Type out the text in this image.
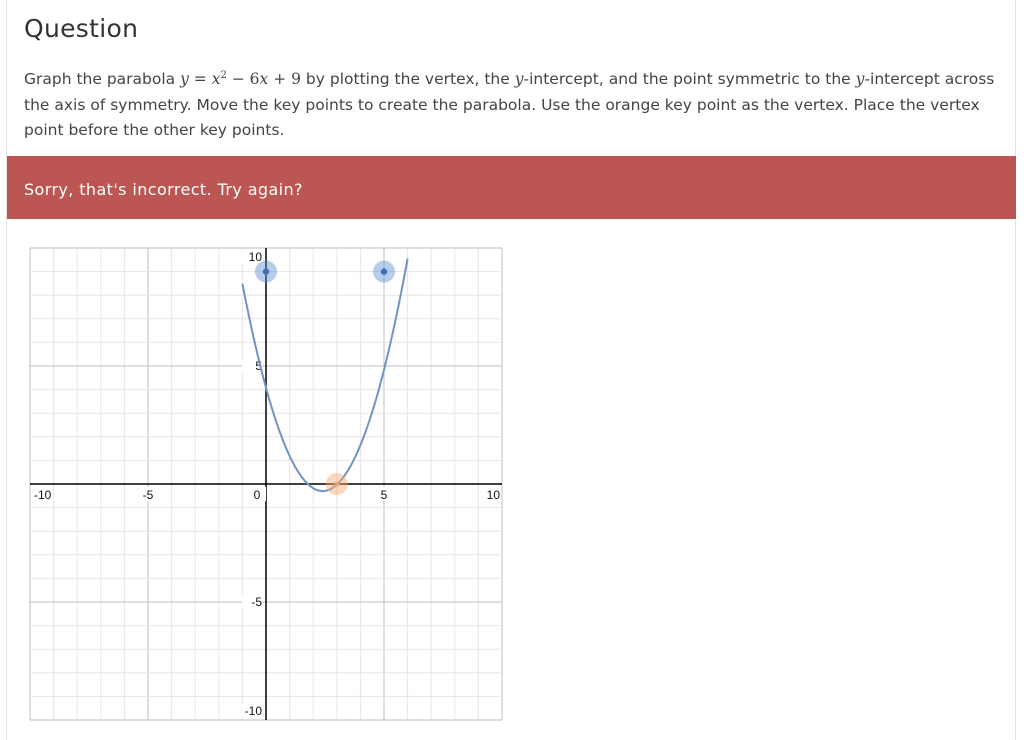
Question
Graph the parabola $y = x^2 - 6x + 9$ by plotting the vertex, the y-intercept, and the point symmetric to the y-intercept across the axis of symmetry. Move the key points to create the parabola. Use the orange key point as the vertex. Place the vertex point before the other key points.
Sorry, that's incorrect. Try again?
-10	-5	0	5	10
10
5
-5
-10
